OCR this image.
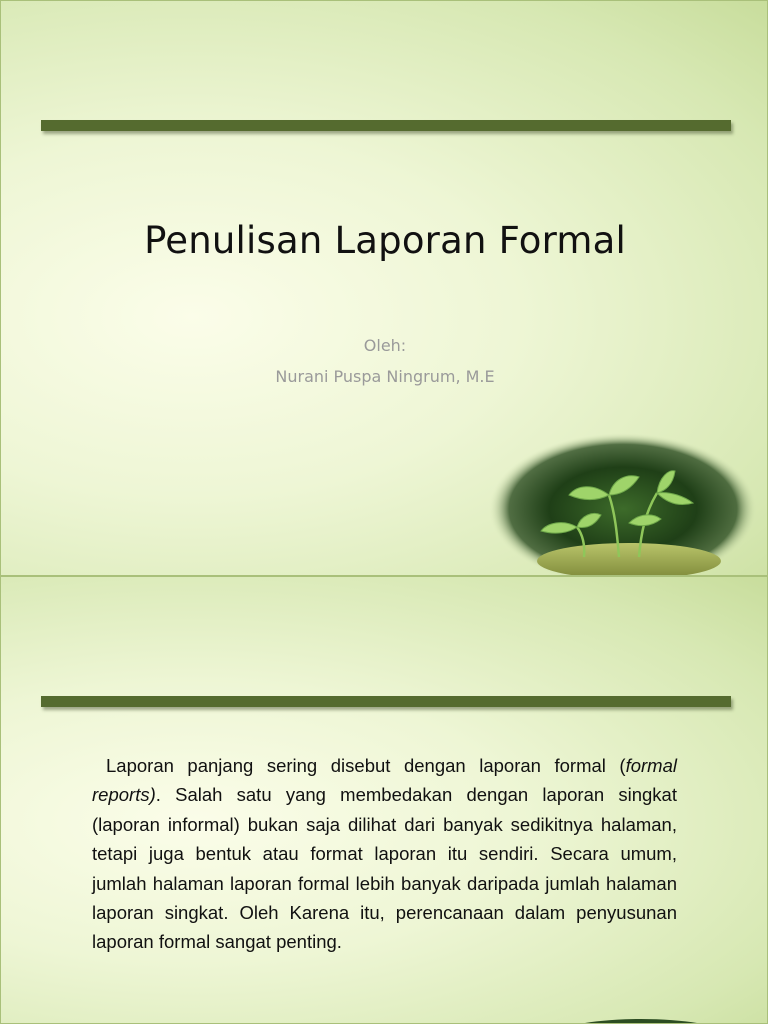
Penulisan Laporan Formal
Oleh:
Nurani Puspa Ningrum, M.E

Laporan panjang sering disebut dengan laporan formal (formal reports). Salah satu yang membedakan dengan laporan singkat (laporan informal) bukan saja dilihat dari banyak sedikitnya halaman, tetapi juga bentuk atau format laporan itu sendiri. Secara umum, jumlah halaman laporan formal lebih banyak daripada jumlah halaman laporan singkat. Oleh Karena itu, perencanaan dalam penyusunan laporan formal sangat penting.
